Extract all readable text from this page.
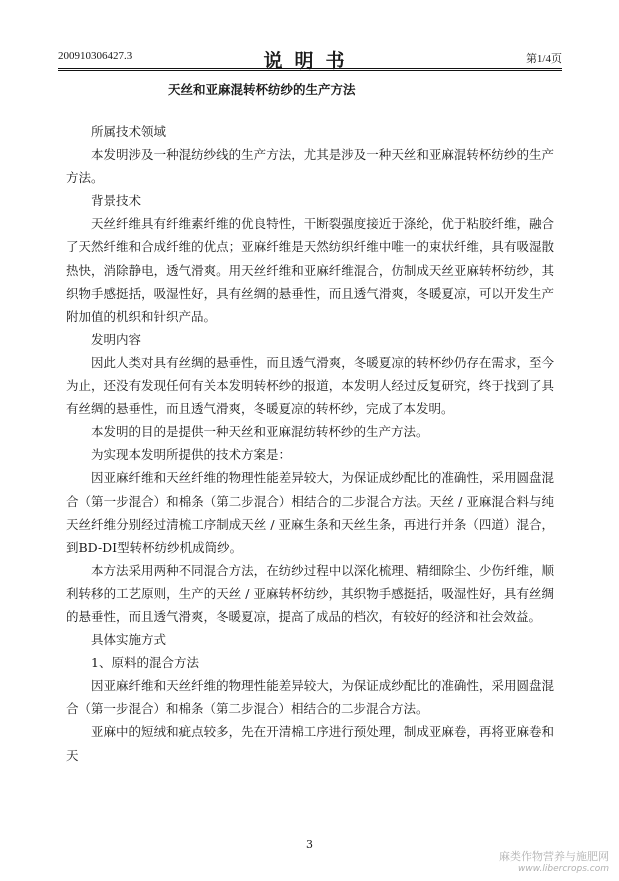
200910306427.3	说明书	第1/4页
天丝和亚麻混转杯纺纱的生产方法

所属技术领域

本发明涉及一种混纺纱线的生产方法，尤其是涉及一种天丝和亚麻混转杯纺纱的生产方法。

背景技术

天丝纤维具有纤维素纤维的优良特性，干断裂强度接近于涤纶，优于粘胶纤维，融合了天然纤维和合成纤维的优点；亚麻纤维是天然纺织纤维中唯一的束状纤维，具有吸湿散热快，消除静电，透气滑爽。用天丝纤维和亚麻纤维混合，仿制成天丝亚麻转杯纺纱，其织物手感挺括，吸湿性好，具有丝绸的悬垂性，而且透气滑爽，冬暖夏凉，可以开发生产附加值的机织和针织产品。

发明内容

因此人类对具有丝绸的悬垂性，而且透气滑爽，冬暖夏凉的转杯纱仍存在需求，至今为止，还没有发现任何有关本发明转杯纱的报道，本发明人经过反复研究，终于找到了具有丝绸的悬垂性，而且透气滑爽，冬暖夏凉的转杯纱，完成了本发明。

本发明的目的是提供一种天丝和亚麻混纺转杯纱的生产方法。

为实现本发明所提供的技术方案是：

因亚麻纤维和天丝纤维的物理性能差异较大，为保证成纱配比的准确性，采用圆盘混合（第一步混合）和棉条（第二步混合）相结合的二步混合方法。天丝 / 亚麻混合料与纯天丝纤维分别经过清梳工序制成天丝 / 亚麻生条和天丝生条，再进行并条（四道）混合，到BD-DI型转杯纺纱机成筒纱。

本方法采用两种不同混合方法，在纺纱过程中以深化梳理、精细除尘、少伤纤维，顺利转移的工艺原则，生产的天丝 / 亚麻转杯纺纱，其织物手感挺括，吸湿性好，具有丝绸的悬垂性，而且透气滑爽，冬暖夏凉，提高了成品的档次，有较好的经济和社会效益。

具体实施方式

1、原料的混合方法

因亚麻纤维和天丝纤维的物理性能差异较大，为保证成纱配比的准确性，采用圆盘混合（第一步混合）和棉条（第二步混合）相结合的二步混合方法。

亚麻中的短绒和疵点较多，先在开清棉工序进行预处理，制成亚麻卷，再将亚麻卷和天

3
麻类作物营养与施肥网
www.libercrops.com
